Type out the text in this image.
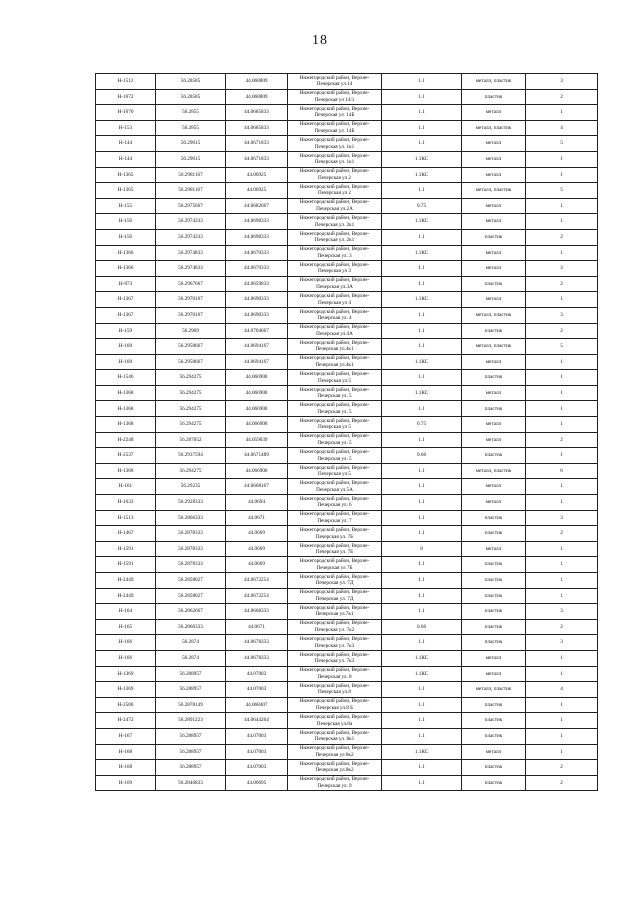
18
Н-1512	56.28585	44.068809	Нижегородский район, Верхне-Печерская ул.14	1.1	металл, пластик	3
Н-1672	56.28585	44.068809	Нижегородский район, Верхне-Печерская ул 14/1	1.1	пластик	2
Н-1670	56.2855	44.0685833	Нижегородский район, Верхне-Печерская ул. 14Б	1.1	металл	1
Н-153	56.2855	44.0685833	Нижегородский район, Верхне-Печерская ул. 14Б	1.1	металл, пластик	4
Н-144	56.29015	44.0671833	Нижегородский район, Верхне-Печерская ул. 1к1	1.1	металл	5
Н-144	56.29015	44.0671833	Нижегородский район, Верхне-Печерская ул. 1к1	1.1КС	металл	1
Н-1365	56.2981167	44.06925	Нижегородский район, Верхне-Печерская ул 2	1.1КС	металл	1
Н-1365	56.2981167	44.06925	Нижегородский район, Верхне-Печерская ул 2	1.1	металл, пластик	5
Н-155	56.2975667	44.0682667	Нижегородский район, Верхне-Печерская ул.2А	0.75	металл	1
Н-156	56.2974333	44.0698333	Нижегородский район, Верхне-Печерская ул. 2к1	1.1КС	металл	1
Н-156	56.2974333	44.0698333	Нижегородский район, Верхне-Печерская ул. 2к1	1.1	пластик	2
Н-1366	56.2974833	44.0670333	Нижегородский район, Верхне-Печерская ул. 3	1.1КС	металл	1
Н-1366	56.2974833	44.0670333	Нижегородский район, Верхне-Печерская ул 3	1.1	металл	3
Н-873	56.2967667	44.0659833	Нижегородский район, Верхне-Печерская ул.3А	1.1	пластик	2
Н-1367	56.2970167	44.0690333	Нижегородский район, Верхне-Печерская ул 4	1.1КС	металл	1
Н-1367	56.2970167	44.0690333	Нижегородский район, Верхне-Печерская ул. 4	1.1	металл, пластик	3
Н-159	56.2969	44.0704667	Нижегородский район, Верхне-Печерская ул.4А	1.1	пластик	2
Н-160	56.2958667	44.0694167	Нижегородский район, Верхне-Печерская ул.4к1	1.1	металл, пластик	5
Н-160	56.2958667	44.0694167	Нижегородский район, Верхне-Печерская ул.4к1	1.1КС	металл	1
Н-1546	56.294275	44.066908	Нижегородский район, Верхне-Печерская ул.5	1.1	пластик	1
Н-1368	56.294275	44.066908	Нижегородский район, Верхне-Печерская ул. 5	1.1КС	металл	1
Н-1368	56.294275	44.066908	Нижегородский район, Верхне-Печерская ул. 5	1.1	пластик	1
Н-1368	56.294275	44.066908	Нижегородский район, Верхне-Печерская ул 5	0.75	металл	1
Н-2248	56.287052	44.059039	Нижегородский район, Верхне-Печерская ул. 5	1.1	металл	2
Н-2537	56.2937594	44.0671489	Нижегородский район, Верхне-Печерская ул. 5	0.66	пластик	1
Н-1368	56.294275	44.066908	Нижегородский район, Верхне-Печерская ул.5	1.1	металл, пластик	6
Н-161	56.29235	44.0668167	Нижегородский район, Верхне-Печерская ул.5А	1.1	металл	1
Н-1633	56.2928333	44.0694	Нижегородский район, Верхне-Печерская ул. 6	1.1	металл	1
Н-1513	56.2866333	44.0671	Нижегородский район, Верхне-Печерская ул. 7	1.1	пластик	3
Н-1467	56.2878333	44.0669	Нижегородский район, Верхне-Печерская ул. 7Б	1.1	пластик	2
Н-1591	56.2878333	44.0669	Нижегородский район, Верхне-Печерская ул. 7Б	8	металл	1
Н-1591	56.2878333	44.0669	Нижегородский район, Верхне-Печерская ул 7Б	1.1	пластик	1
Н-2449	56.2858027	44.0672254	Нижегородский район, Верхне-Печерская ул. 7Д	1.1	пластик	1
Н-2449	56.2858027	44.0672254	Нижегородский район, Верхне-Печерская ул. 7Д	1.1	пластик	1
Н-164	56.2862667	44.0668333	Нижегородский район, Верхне-Печерская ул.7к1	1.1	пластик	3
Н-165	56.2866333	44.0671	Нижегородский район, Верхне-Печерская ул. 7к2	0.66	пластик	2
Н-166	56.2874	44.0678333	Нижегородский район, Верхне-Печерская ул. 7к3	1.1	пластик	3
Н-166	56.2874	44.0678333	Нижегородский район, Верхне-Печерская ул. 7к3	1.1КС	металл	1
Н-1369	56.288957	44.07003	Нижегородский район, Верхне-Печерская ул. 8	1.1КС	металл	1
Н-1369	56.288957	44.07003	Нижегородский район, Верхне-Печерская ул.8	1.1	металл, пластик	4
Н-2506	56.2878149	44.068407	Нижегородский район, Верхне-Печерская ул.8 Б	1.1	пластик	1
Н-2472	56.2891223	44.0644264	Нижегородский район, Верхне-Печерская ул.8а	1.1	пластик	1
Н-167	56.288957	44.07003	Нижегородский район, Верхне-Печерская ул. 8к1	1.1	пластик	1
Н-168	56.288957	44.07003	Нижегородский район, Верхне-Печерская ул 8к2	1.1КС	металл	1
Н-168	56.288957	44.07003	Нижегородский район, Верхне-Печерская ул.8к2	1.1	пластик	2
Н-169	56.2846833	44.06695	Нижегородский район, Верхне-Печерская ул. 9	1.1	пластик	2
